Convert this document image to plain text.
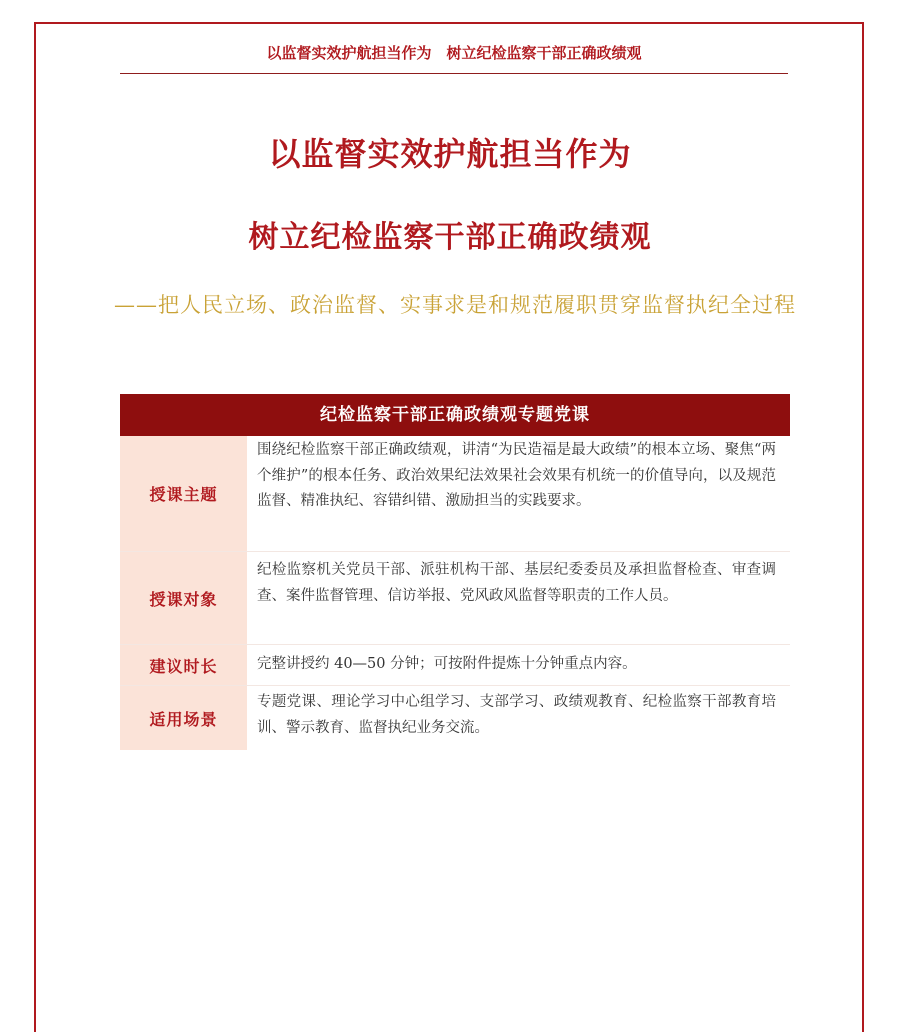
以监督实效护航担当作为　树立纪检监察干部正确政绩观
以监督实效护航担当作为
树立纪检监察干部正确政绩观
——把人民立场、政治监督、实事求是和规范履职贯穿监督执纪全过程
纪检监察干部正确政绩观专题党课
授课主题
围绕纪检监察干部正确政绩观，讲清“为民造福是最大政绩”的根本立场、聚焦“两个维护”的根本任务、政治效果纪法效果社会效果有机统一的价值导向，以及规范监督、精准执纪、容错纠错、激励担当的实践要求。
授课对象
纪检监察机关党员干部、派驻机构干部、基层纪委委员及承担监督检查、审查调查、案件监督管理、信访举报、党风政风监督等职责的工作人员。
建议时长	完整讲授约 40—50 分钟；可按附件提炼十分钟重点内容。
适用场景
专题党课、理论学习中心组学习、支部学习、政绩观教育、纪检监察干部教育培训、警示教育、监督执纪业务交流。
